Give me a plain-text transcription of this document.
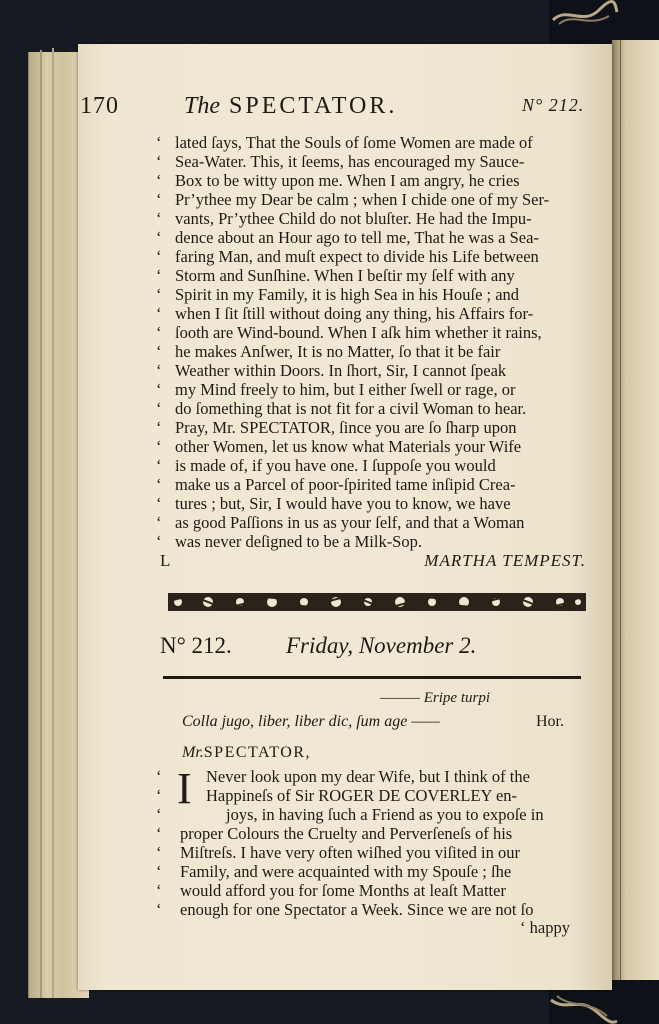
170	The SPECTATOR.	N° 212.
‘ lated ſays, That the Souls of ſome Women are made of
‘ Sea-Water. This, it ſeems, has encouraged my Sauce-
‘ Box to be witty upon me. When I am angry, he cries
‘ Pr’ythee my Dear be calm ; when I chide one of my Ser-
‘ vants, Pr’ythee Child do not bluſter. He had the Impu-
‘ dence about an Hour ago to tell me, That he was a Sea-
‘ faring Man, and muſt expect to divide his Life between
‘ Storm and Sunſhine. When I beſtir my ſelf with any
‘ Spirit in my Family, it is high Sea in his Houſe ; and
‘ when I ſit ſtill without doing any thing, his Affairs for-
‘ ſooth are Wind-bound. When I aſk him whether it rains,
‘ he makes Anſwer, It is no Matter, ſo that it be fair
‘ Weather within Doors. In ſhort, Sir, I cannot ſpeak
‘ my Mind freely to him, but I either ſwell or rage, or
‘ do ſomething that is not fit for a civil Woman to hear.
‘ Pray, Mr. SPECTATOR, ſince you are ſo ſharp upon
‘ other Women, let us know what Materials your Wife
‘ is made of, if you have one. I ſuppoſe you would
‘ make us a Parcel of poor-ſpirited tame inſipid Crea-
‘ tures ; but, Sir, I would have you to know, we have
‘ as good Paſſions in us as your ſelf, and that a Woman
‘ was never deſigned to be a Milk-Sop.
L	MARTHA TEMPEST.
N° 212. Friday, November 2.
——— Eripe turpi
Colla jugo, liber, liber dic, ſum age ——	Hor.
Mr.SPECTATOR,
I
‘	Never look upon my dear Wife, but I think of the
‘	Happineſs of Sir ROGER DE COVERLEY en-
‘	joys, in having ſuch a Friend as you to expoſe in
‘	proper Colours the Cruelty and Perverſeneſs of his
‘	Miſtreſs. I have very often wiſhed you viſited in our
‘	Family, and were acquainted with my Spouſe ; ſhe
‘	would afford you for ſome Months at leaſt Matter
‘	enough for one Spectator a Week. Since we are not ſo
‘ happy
